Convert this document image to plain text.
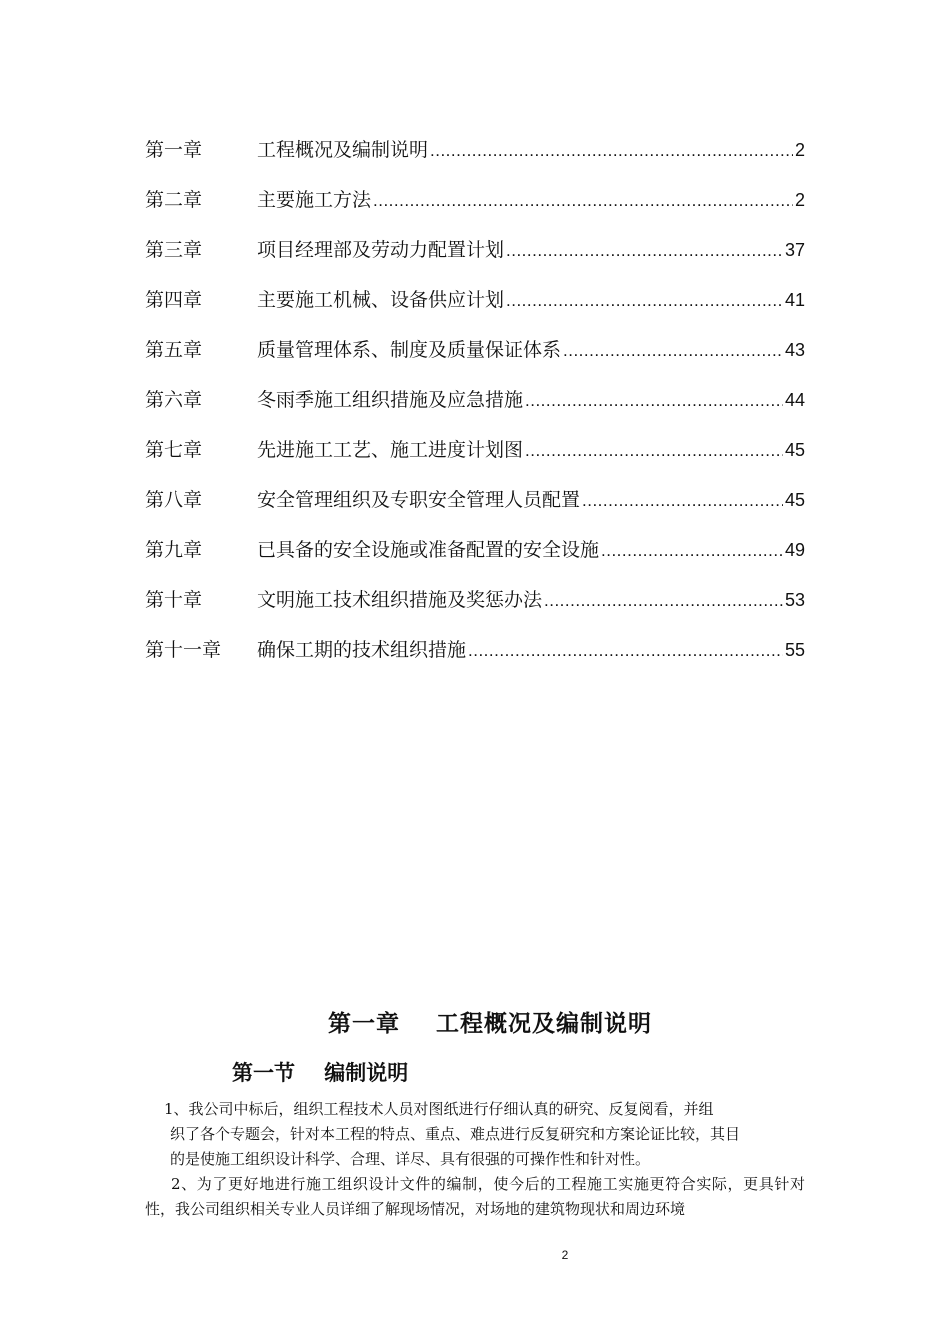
第一章	工程概况及编制说明 .....	2
第二章	主要施工方法 .....	2
第三章	项目经理部及劳动力配置计划 .....	37
第四章	主要施工机械、设备供应计划 .....	41
第五章	质量管理体系、制度及质量保证体系 .....	43
第六章	冬雨季施工组织措施及应急措施 .....	44
第七章	先进施工工艺、施工进度计划图 .....	45
第八章	安全管理组织及专职安全管理人员配置 .....	45
第九章	已具备的安全设施或准备配置的安全设施 .....	49
第十章	文明施工技术组织措施及奖惩办法 .....	53
第十一章	确保工期的技术组织措施 .....	55
第一章    工程概况及编制说明
第一节    编制说明
1、我公司中标后，组织工程技术人员对图纸进行仔细认真的研究、反复阅看，并组
织了各个专题会，针对本工程的特点、重点、难点进行反复研究和方案论证比较，其目
的是使施工组织设计科学、合理、详尽、具有很强的可操作性和针对性。
2、为了更好地进行施工组织设计文件的编制，使今后的工程施工实施更符合实际，更具针对性，我公司组织相关专业人员详细了解现场情况，对场地的建筑物现状和周边环境
2
